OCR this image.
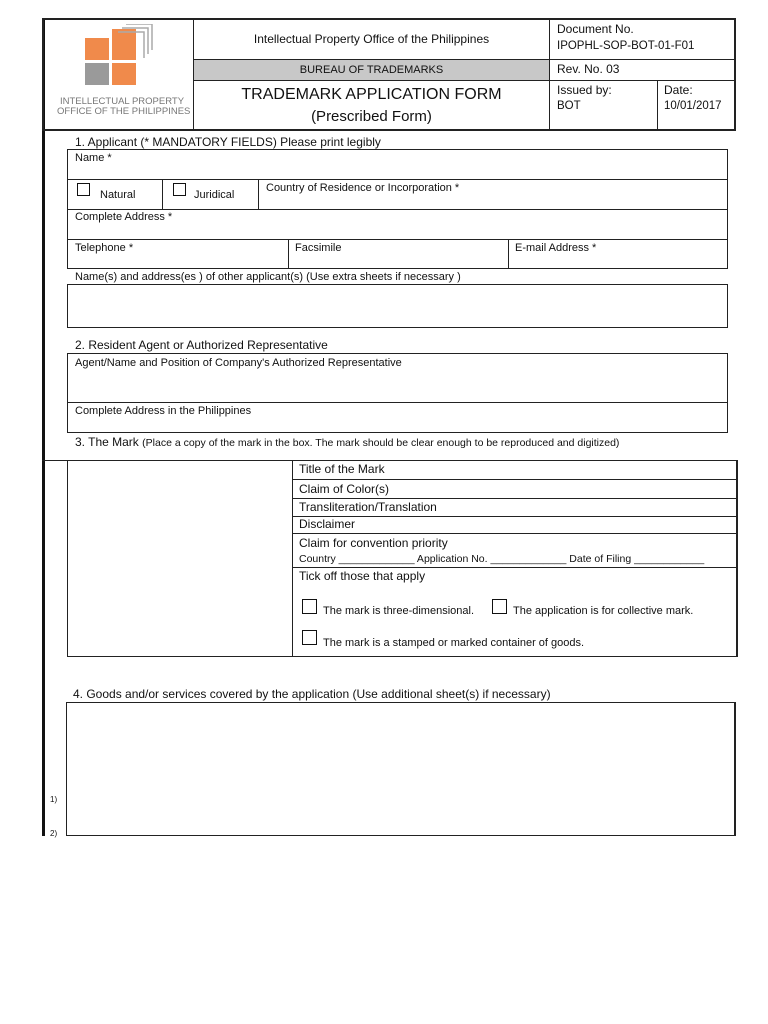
INTELLECTUAL PROPERTY
OFFICE OF THE PHILIPPINES
Intellectual Property Office of the Philippines
BUREAU OF TRADEMARKS
TRADEMARK APPLICATION FORM
(Prescribed Form)
Document No.
IPOPHL-SOP-BOT-01-F01
Rev. No. 03
Issued by:
BOT
Date:
10/01/2017
1. Applicant (* MANDATORY FIELDS) Please print legibly
Name *
Natural	Juridical
Country of Residence or Incorporation *
Complete Address *
Telephone *	Facsimile	E-mail Address *
Name(s) and address(es ) of other applicant(s) (Use extra sheets if necessary )
2. Resident Agent or Authorized Representative
Agent/Name and Position of Company's Authorized Representative
Complete Address in the Philippines
3. The Mark (Place a copy of the mark in the box. The mark should be clear enough to be reproduced and digitized)
Title of the Mark
Claim of Color(s)
Transliteration/Translation
Disclaimer
Claim for convention priority
Country _____________ Application No. _____________ Date of Filing ____________
Tick off those that apply
The mark is three-dimensional.	The application is for collective mark.
The mark is a stamped or marked container of goods.
4. Goods and/or services covered by the application (Use additional sheet(s) if necessary)
1)
2)
